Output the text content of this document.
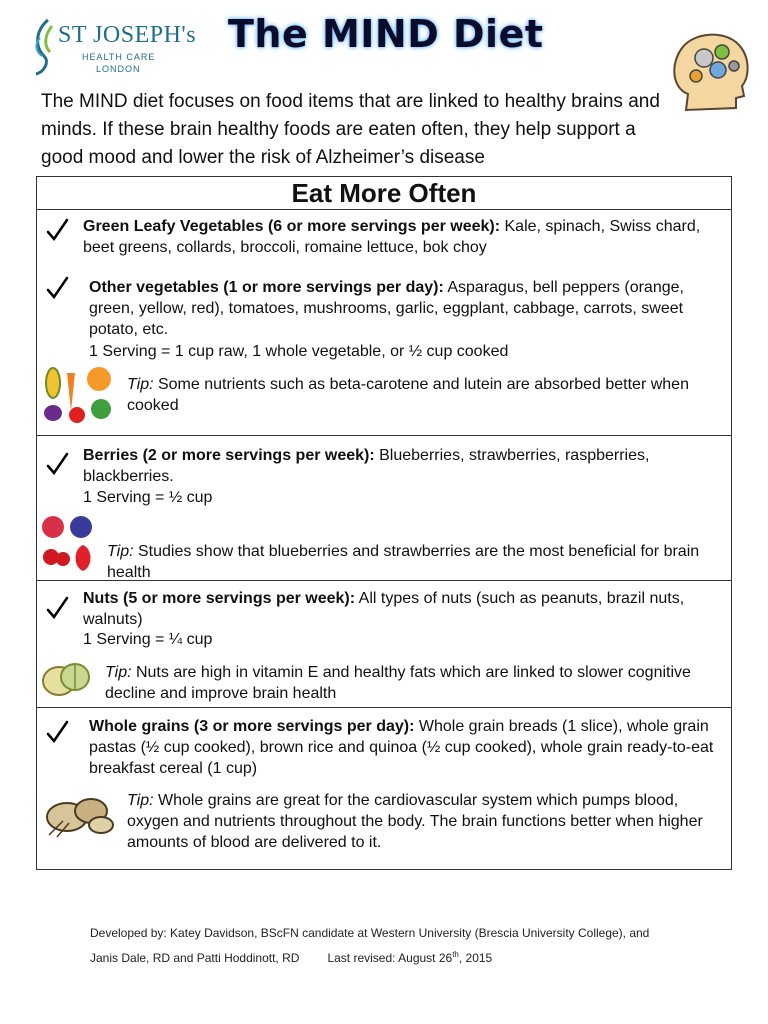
ST JOSEPH's
HEALTH CARE
LONDON
The MIND Diet

The MIND diet focuses on food items that are linked to healthy brains and minds. If these brain healthy foods are eaten often, they help support a good mood and lower the risk of Alzheimer’s disease

Eat More Often

Green Leafy Vegetables (6 or more servings per week): Kale, spinach, Swiss chard, beet greens, collards, broccoli, romaine lettuce, bok choy

Other vegetables (1 or more servings per day): Asparagus, bell peppers (orange, green, yellow, red), tomatoes, mushrooms, garlic, eggplant, cabbage, carrots, sweet potato, etc.

1 Serving = 1 cup raw, 1 whole vegetable, or ½ cup cooked

Tip: Some nutrients such as beta-carotene and lutein are absorbed better when cooked

Berries (2 or more servings per week): Blueberries, strawberries, raspberries, blackberries.

1 Serving = ½ cup

Tip: Studies show that blueberries and strawberries are the most beneficial for brain health

Nuts (5 or more servings per week): All types of nuts (such as peanuts, brazil nuts, walnuts)

1 Serving = ¼ cup

Tip: Nuts are high in vitamin E and healthy fats which are linked to slower cognitive decline and improve brain health

Whole grains (3 or more servings per day): Whole grain breads (1 slice), whole grain pastas (½ cup cooked), brown rice and quinoa (½ cup cooked), whole grain ready-to-eat breakfast cereal (1 cup)

Tip: Whole grains are great for the cardiovascular system which pumps blood, oxygen and nutrients throughout the body. The brain functions better when higher amounts of blood are delivered to it.

Developed by: Katey Davidson, BScFN candidate at Western University (Brescia University College), and
Janis Dale, RD and Patti Hoddinott, RD Last revised: August 26th, 2015
